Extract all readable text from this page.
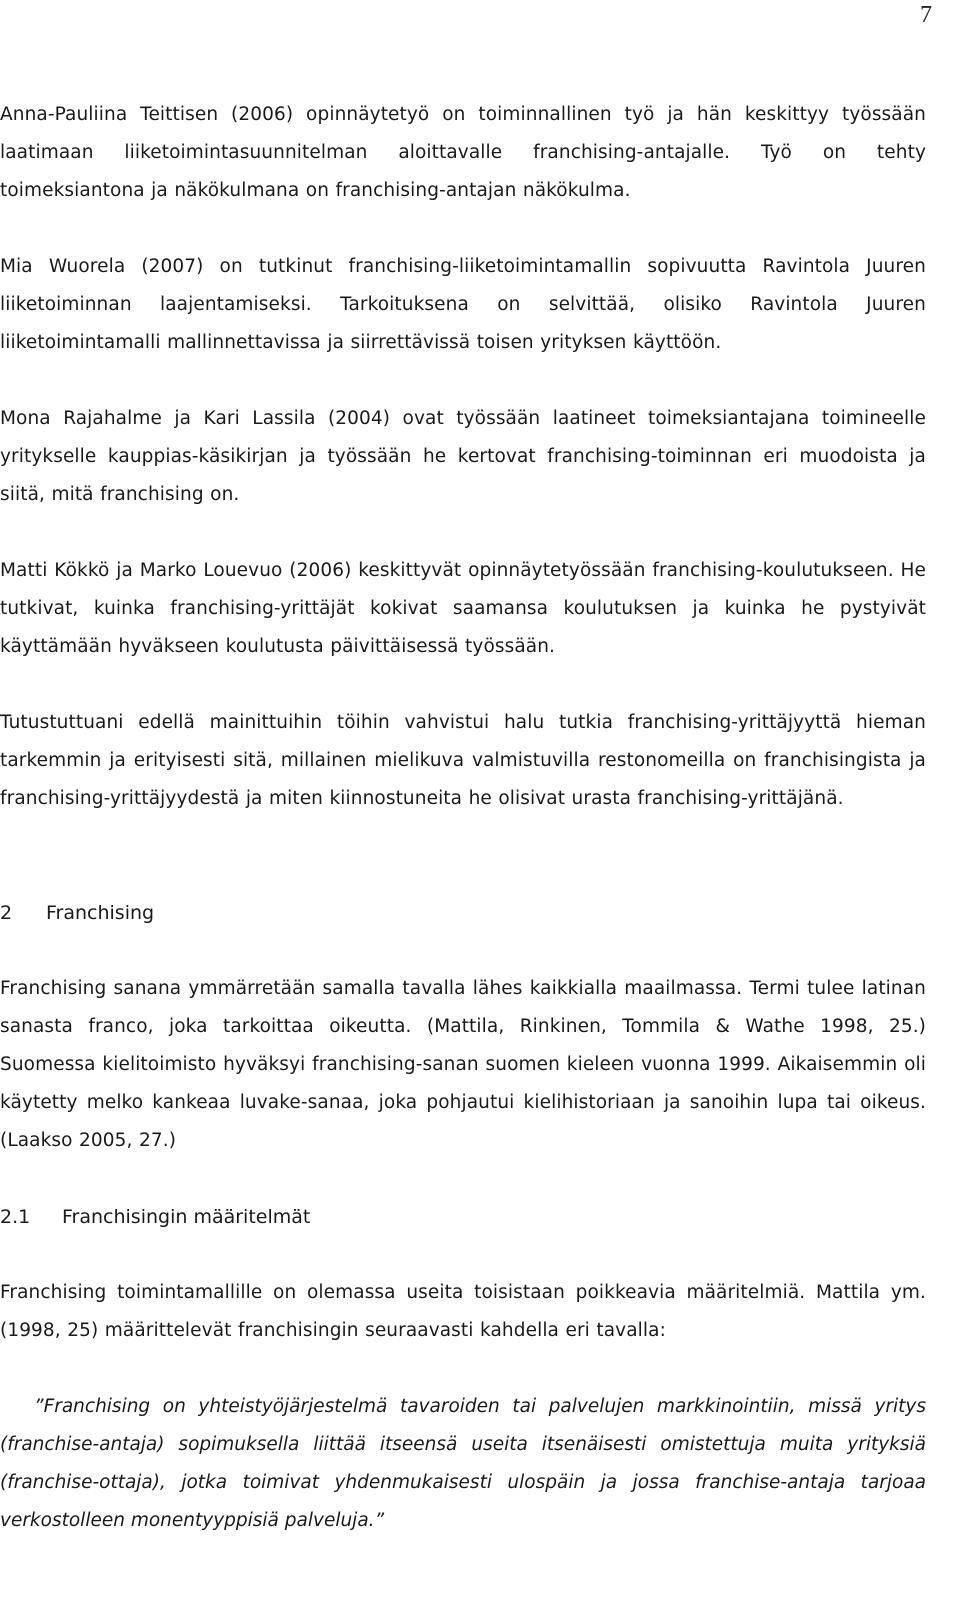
7

Anna-Pauliina Teittisen (2006) opinnäytetyö on toiminnallinen työ ja hän keskittyy työssään laatimaan liiketoimintasuunnitelman aloittavalle franchising-antajalle. Työ on tehty toimeksiantona ja näkökulmana on franchising-antajan näkökulma.

Mia Wuorela (2007) on tutkinut franchising-liiketoimintamallin sopivuutta Ravintola Juuren liiketoiminnan laajentamiseksi. Tarkoituksena on selvittää, olisiko Ravintola Juuren liiketoimintamalli mallinnettavissa ja siirrettävissä toisen yrityksen käyttöön.

Mona Rajahalme ja Kari Lassila (2004) ovat työssään laatineet toimeksiantajana toimineelle yritykselle kauppias-käsikirjan ja työssään he kertovat franchising-toiminnan eri muodoista ja siitä, mitä franchising on.

Matti Kökkö ja Marko Louevuo (2006) keskittyvät opinnäytetyössään franchising-koulutukseen. He tutkivat, kuinka franchising-yrittäjät kokivat saamansa koulutuksen ja kuinka he pystyivät käyttämään hyväkseen koulutusta päivittäisessä työssään.

Tutustuttuani edellä mainittuihin töihin vahvistui halu tutkia franchising-yrittäjyyttä hieman tarkemmin ja erityisesti sitä, millainen mielikuva valmistuvilla restonomeilla on franchisingista ja franchising-yrittäjyydestä ja miten kiinnostuneita he olisivat urasta franchising-yrittäjänä.

2 Franchising

Franchising sanana ymmärretään samalla tavalla lähes kaikkialla maailmassa. Termi tulee latinan sanasta franco, joka tarkoittaa oikeutta. (Mattila, Rinkinen, Tommila & Wathe 1998, 25.) Suomessa kielitoimisto hyväksyi franchising-sanan suomen kieleen vuonna 1999. Aikaisemmin oli käytetty melko kankeaa luvake-sanaa, joka pohjautui kielihistoriaan ja sanoihin lupa tai oikeus. (Laakso 2005, 27.)

2.1 Franchisingin määritelmät

Franchising toimintamallille on olemassa useita toisistaan poikkeavia määritelmiä. Mattila ym. (1998, 25) määrittelevät franchisingin seuraavasti kahdella eri tavalla:

”Franchising on yhteistyöjärjestelmä tavaroiden tai palvelujen markkinointiin, missä yritys (franchise-antaja) sopimuksella liittää itseensä useita itsenäisesti omistettuja muita yrityksiä (franchise-ottaja), jotka toimivat yhdenmukaisesti ulospäin ja jossa franchise-antaja tarjoaa verkostolleen monentyyppisiä palveluja.”
